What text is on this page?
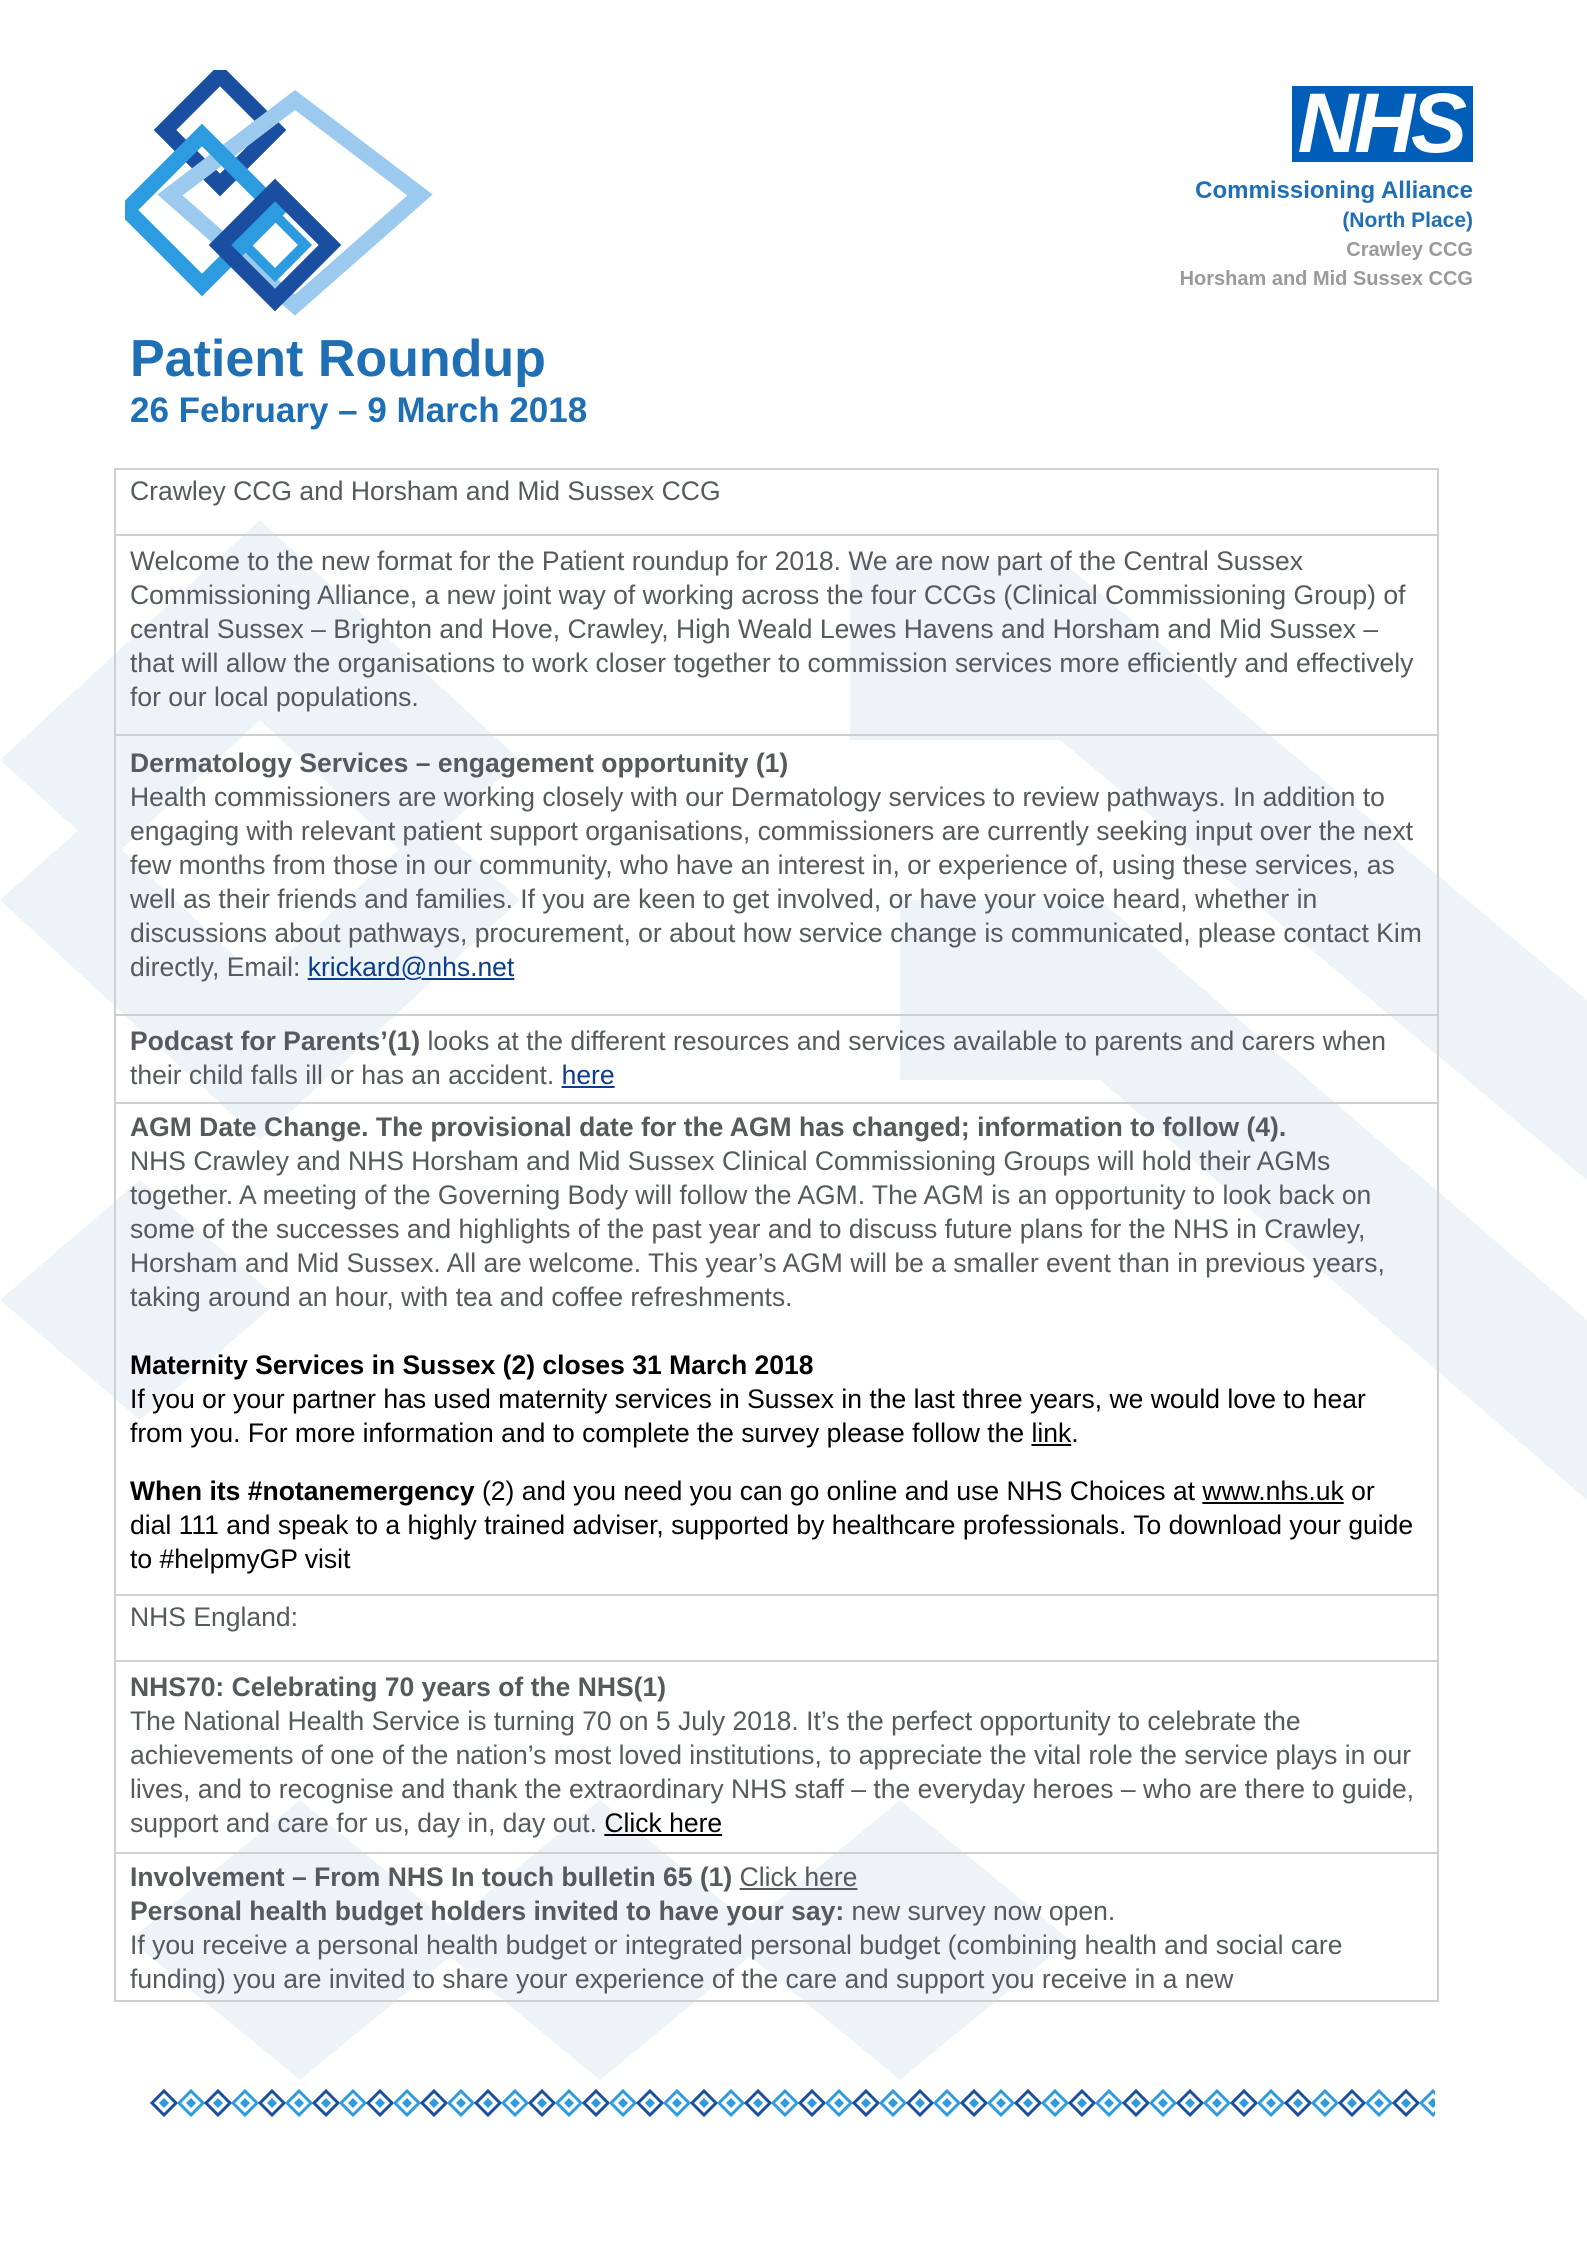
NHS
Commissioning Alliance
(North Place)
Crawley CCG
Horsham and Mid Sussex CCG
Patient Roundup
26 February – 9 March 2018
Crawley CCG and Horsham and Mid Sussex CCG
Welcome to the new format for the Patient roundup for 2018. We are now part of the Central Sussex Commissioning Alliance, a new joint way of working across the four CCGs (Clinical Commissioning Group) of central Sussex – Brighton and Hove, Crawley, High Weald Lewes Havens and Horsham and Mid Sussex – that will allow the organisations to work closer together to commission services more efficiently and effectively for our local populations.

Dermatology Services – engagement opportunity (1)
Health commissioners are working closely with our Dermatology services to review pathways. In addition to engaging with relevant patient support organisations, commissioners are currently seeking input over the next few months from those in our community, who have an interest in, or experience of, using these services, as well as their friends and families. If you are keen to get involved, or have your voice heard, whether in discussions about pathways, procurement, or about how service change is communicated, please contact Kim directly, Email: krickard@nhs.net
Podcast for Parents’(1) looks at the different resources and services available to parents and carers when their child falls ill or has an accident. here

AGM Date Change. The provisional date for the AGM has changed; information to follow (4).
NHS Crawley and NHS Horsham and Mid Sussex Clinical Commissioning Groups will hold their AGMs together. A meeting of the Governing Body will follow the AGM. The AGM is an opportunity to look back on some of the successes and highlights of the past year and to discuss future plans for the NHS in Crawley, Horsham and Mid Sussex. All are welcome. This year’s AGM will be a smaller event than in previous years, taking around an hour, with tea and coffee refreshments.
Maternity Services in Sussex (2) closes 31 March 2018
If you or your partner has used maternity services in Sussex in the last three years, we would love to hear from you. For more information and to complete the survey please follow the link.
When its #notanemergency (2) and you need you can go online and use NHS Choices at www.nhs.uk or dial 111 and speak to a highly trained adviser, supported by healthcare professionals. To download your guide to #helpmyGP visit

NHS England:

NHS70: Celebrating 70 years of the NHS(1)
The National Health Service is turning 70 on 5 July 2018. It’s the perfect opportunity to celebrate the achievements of one of the nation’s most loved institutions, to appreciate the vital role the service plays in our lives, and to recognise and thank the extraordinary NHS staff – the everyday heroes – who are there to guide, support and care for us, day in, day out. Click here

Involvement – From NHS In touch bulletin 65 (1) Click here
Personal health budget holders invited to have your say: new survey now open.
If you receive a personal health budget or integrated personal budget (combining health and social care funding) you are invited to share your experience of the care and support you receive in a new
